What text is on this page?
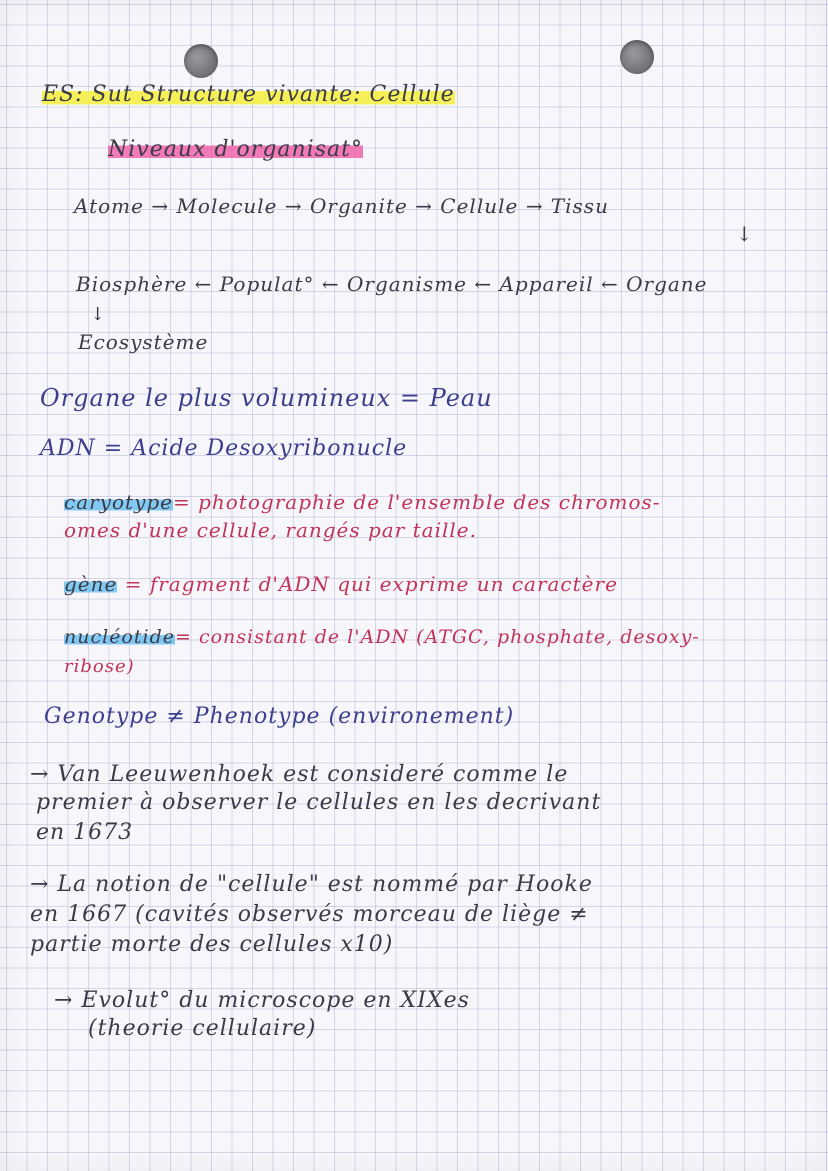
ES: Sut Structure vivante: Cellule

Niveaux d'organisat°

Atome → Molecule → Organite → Cellule → Tissu

↓

Biosphère ← Populat° ← Organisme ← Appareil ← Organe

↓

Ecosystème

Organe le plus volumineux = Peau

ADN = Acide Desoxyribonucle

caryotype= photographie de l'ensemble des chromos-

omes d'une cellule, rangés par taille.

gène = fragment d'ADN qui exprime un caractère

nucléotide= consistant de l'ADN (ATGC, phosphate, desoxy-

ribose)

Genotype ≠ Phenotype (environement)

→ Van Leeuwenhoek est consideré comme le

premier à observer le cellules en les decrivant

en 1673

→ La notion de "cellule" est nommé par Hooke

en 1667 (cavités observés morceau de liège ≠

partie morte des cellules x10)

→ Evolut° du microscope en XIXes

(theorie cellulaire)
